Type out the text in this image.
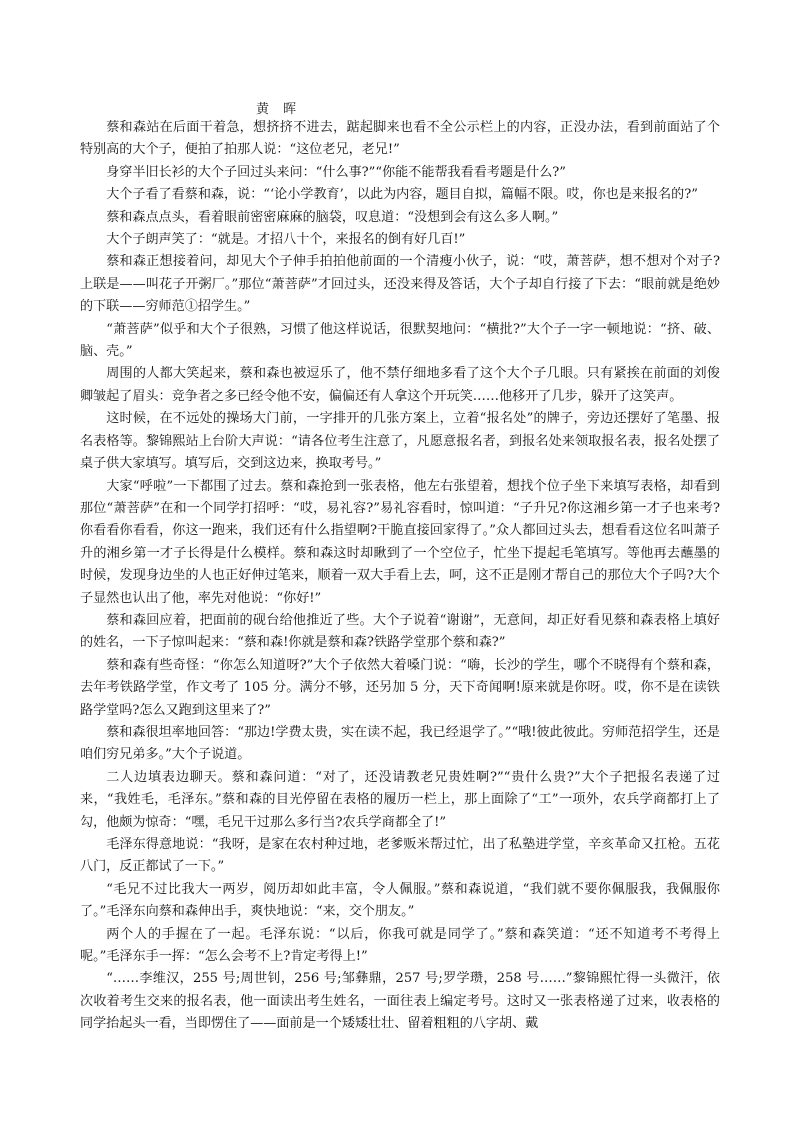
黄 晖

蔡和森站在后面干着急，想挤挤不进去，踮起脚来也看不全公示栏上的内容，正没办法，看到前面站了个特别高的大个子，便拍了拍那人说：“这位老兄，老兄!”

身穿半旧长衫的大个子回过头来问：“什么事?”“你能不能帮我看看考题是什么?”

大个子看了看蔡和森，说：“‘论小学教育’，以此为内容，题目自拟，篇幅不限。哎，你也是来报名的?”

蔡和森点点头，看着眼前密密麻麻的脑袋，叹息道：“没想到会有这么多人啊。”

大个子朗声笑了：“就是。才招八十个，来报名的倒有好几百!”

蔡和森正想接着问，却见大个子伸手拍拍他前面的一个清瘦小伙子，说：“哎，萧菩萨，想不想对个对子?上联是——叫花子开粥厂。”那位“萧菩萨”才回过头，还没来得及答话，大个子却自行接了下去：“眼前就是绝妙的下联——穷师范①招学生。”

“萧菩萨”似乎和大个子很熟，习惯了他这样说话，很默契地问：“横批?”大个子一字一顿地说：“挤、破、脑、壳。”

周围的人都大笑起来，蔡和森也被逗乐了，他不禁仔细地多看了这个大个子几眼。只有紧挨在前面的刘俊卿皱起了眉头：竞争者之多已经令他不安，偏偏还有人拿这个开玩笑……他移开了几步，躲开了这笑声。

这时候，在不远处的操场大门前，一字排开的几张方案上，立着“报名处”的牌子，旁边还摆好了笔墨、报名表格等。黎锦熙站上台阶大声说：“请各位考生注意了，凡愿意报名者，到报名处来领取报名表，报名处摆了桌子供大家填写。填写后，交到这边来，换取考号。”

大家“呼啦”一下都围了过去。蔡和森抢到一张表格，他左右张望着，想找个位子坐下来填写表格，却看到那位“萧菩萨”在和一个同学打招呼：“哎，易礼容?”易礼容看时，惊叫道：“子升兄?你这湘乡第一才子也来考?你看看你看看，你这一跑来，我们还有什么指望啊?干脆直接回家得了。”众人都回过头去，想看看这位名叫萧子升的湘乡第一才子长得是什么模样。蔡和森这时却瞅到了一个空位子，忙坐下提起毛笔填写。等他再去蘸墨的时候，发现身边坐的人也正好伸过笔来，顺着一双大手看上去，呵，这不正是刚才帮自己的那位大个子吗?大个子显然也认出了他，率先对他说：“你好!”

蔡和森回应着，把面前的砚台给他推近了些。大个子说着“谢谢”，无意间，却正好看见蔡和森表格上填好的姓名，一下子惊叫起来：“蔡和森!你就是蔡和森?铁路学堂那个蔡和森?”

蔡和森有些奇怪：“你怎么知道呀?”大个子依然大着嗓门说：“嗨，长沙的学生，哪个不晓得有个蔡和森，去年考铁路学堂，作文考了 105 分。满分不够，还另加 5 分，天下奇闻啊!原来就是你呀。哎，你不是在读铁路学堂吗?怎么又跑到这里来了?”

蔡和森很坦率地回答：“那边!学费太贵，实在读不起，我已经退学了。”“哦!彼此彼此。穷师范招学生，还是咱们穷兄弟多。”大个子说道。

二人边填表边聊天。蔡和森问道：“对了，还没请教老兄贵姓啊?”“贵什么贵?”大个子把报名表递了过来，“我姓毛，毛泽东。”蔡和森的目光停留在表格的履历一栏上，那上面除了“工”一项外，农兵学商都打上了勾，他颇为惊奇：“嘿，毛兄干过那么多行当?农兵学商都全了!”

毛泽东得意地说：“我呀，是家在农村种过地，老爹贩米帮过忙，出了私塾进学堂，辛亥革命又扛枪。五花八门，反正都试了一下。”

“毛兄不过比我大一两岁，阅历却如此丰富，令人佩服。”蔡和森说道，“我们就不要你佩服我，我佩服你了。”毛泽东向蔡和森伸出手，爽快地说：“来，交个朋友。”

两个人的手握在了一起。毛泽东说：“以后，你我可就是同学了。”蔡和森笑道：“还不知道考不考得上呢。”毛泽东手一挥：“怎么会考不上?肯定考得上!”

“……李维汉，255 号;周世钊，256 号;邹彝鼎，257 号;罗学瓒，258 号……”黎锦熙忙得一头微汗，依次收着考生交来的报名表，他一面读出考生姓名，一面往表上编定考号。这时又一张表格递了过来，收表格的同学抬起头一看，当即愣住了——面前是一个矮矮壮壮、留着粗粗的八字胡、戴
